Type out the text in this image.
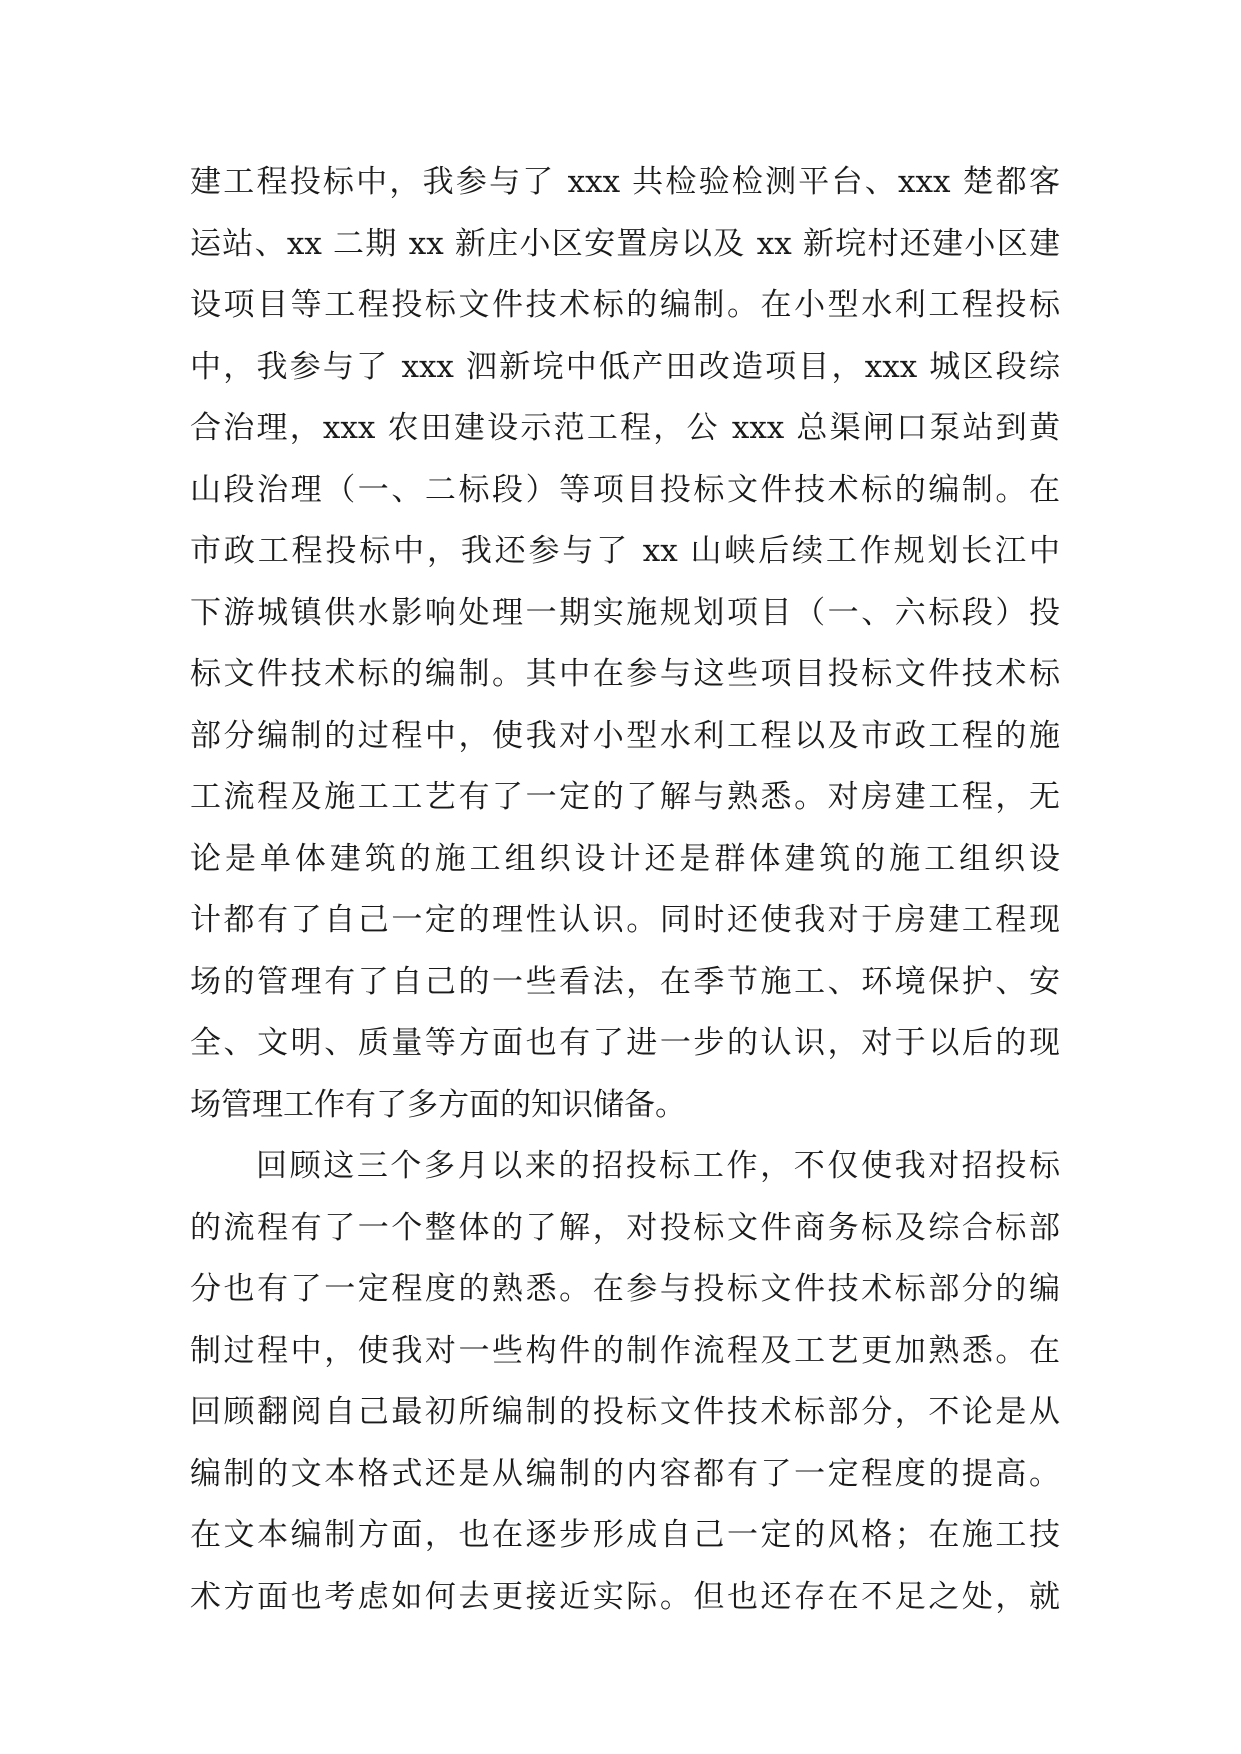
建工程投标中，我参与了 xxx 共检验检测平台、xxx 楚都客
运站、xx 二期 xx 新庄小区安置房以及 xx 新垸村还建小区建
设项目等工程投标文件技术标的编制。在小型水利工程投标
中，我参与了 xxx 泗新垸中低产田改造项目，xxx 城区段综
合治理，xxx 农田建设示范工程，公 xxx 总渠闸口泵站到黄
山段治理（一、二标段）等项目投标文件技术标的编制。在
市政工程投标中，我还参与了 xx 山峡后续工作规划长江中
下游城镇供水影响处理一期实施规划项目（一、六标段）投
标文件技术标的编制。其中在参与这些项目投标文件技术标
部分编制的过程中，使我对小型水利工程以及市政工程的施
工流程及施工工艺有了一定的了解与熟悉。对房建工程，无
论是单体建筑的施工组织设计还是群体建筑的施工组织设
计都有了自己一定的理性认识。同时还使我对于房建工程现
场的管理有了自己的一些看法，在季节施工、环境保护、安
全、文明、质量等方面也有了进一步的认识，对于以后的现
场管理工作有了多方面的知识储备。
回顾这三个多月以来的招投标工作，不仅使我对招投标
的流程有了一个整体的了解，对投标文件商务标及综合标部
分也有了一定程度的熟悉。在参与投标文件技术标部分的编
制过程中，使我对一些构件的制作流程及工艺更加熟悉。在
回顾翻阅自己最初所编制的投标文件技术标部分，不论是从
编制的文本格式还是从编制的内容都有了一定程度的提高。
在文本编制方面，也在逐步形成自己一定的风格；在施工技
术方面也考虑如何去更接近实际。但也还存在不足之处，就
